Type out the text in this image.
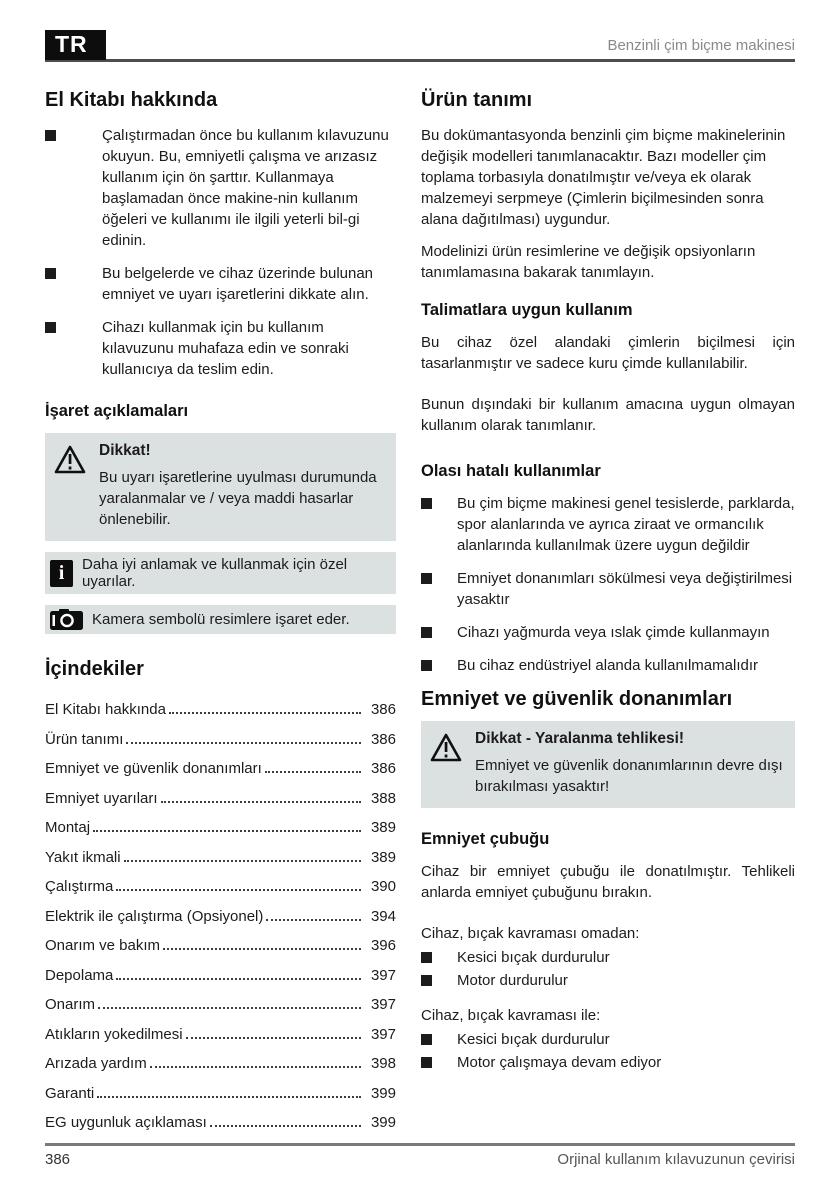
TR	Benzinli çim biçme makinesi
El Kitabı hakkında
Çalıştırmadan önce bu kullanım kılavuzunu okuyun. Bu, emniyetli çalışma ve arızasız kullanım için ön şarttır. Kullanmaya başlamadan önce makine-nin kullanım öğeleri ve kullanımı ile ilgili yeterli bil-gi edinin.
Bu belgelerde ve cihaz üzerinde bulunan emniyet ve uyarı işaretlerini dikkate alın.
Cihazı kullanmak için bu kullanım kılavuzunu muhafaza edin ve sonraki kullanıcıya da teslim edin.
İşaret açıklamaları
Dikkat!
Bu uyarı işaretlerine uyulması durumunda yaralanmalar ve / veya maddi hasarlar önlenebilir.
i	Daha iyi anlamak ve kullanmak için özel uyarılar.
Kamera sembolü resimlere işaret eder.
İçindekiler
El Kitabı hakkında	386
Ürün tanımı	386
Emniyet ve güvenlik donanımları	386
Emniyet uyarıları	388
Montaj	389
Yakıt ikmali	389
Çalıştırma	390
Elektrik ile çalıştırma (Opsiyonel)	394
Onarım ve bakım	396
Depolama	397
Onarım	397
Atıkların yokedilmesi	397
Arızada yardım	398
Garanti	399
EG uygunluk açıklaması	399
Ürün tanımı

Bu dokümantasyonda benzinli çim biçme makinelerinin değişik modelleri tanımlanacaktır. Bazı modeller çim toplama torbasıyla donatılmıştır ve/veya ek olarak malzemeyi serpmeye (Çimlerin biçilmesinden sonra alana dağıtılması) uygundur.

Modelinizi ürün resimlerine ve değişik opsiyonların tanımlamasına bakarak tanımlayın.

Talimatlara uygun kullanım

Bu cihaz özel alandaki çimlerin biçilmesi için tasarlanmıştır ve sadece kuru çimde kullanılabilir.

Bunun dışındaki bir kullanım amacına uygun olmayan kullanım olarak tanımlanır.

Olası hatalı kullanımlar
Bu çim biçme makinesi genel tesislerde, parklarda, spor alanlarında ve ayrıca ziraat ve ormancılık alanlarında kullanılmak üzere uygun değildir
Emniyet donanımları sökülmesi veya değiştirilmesi yasaktır
Cihazı yağmurda veya ıslak çimde kullanmayın
Bu cihaz endüstriyel alanda kullanılmamalıdır
Emniyet ve güvenlik donanımları
Dikkat - Yaralanma tehlikesi!
Emniyet ve güvenlik donanımlarının devre dışı bırakılması yasaktır!
Emniyet çubuğu

Cihaz bir emniyet çubuğu ile donatılmıştır. Tehlikeli anlarda emniyet çubuğunu bırakın.

Cihaz, bıçak kavraması omadan:
Kesici bıçak durdurulur
Motor durdurulur
Cihaz, bıçak kavraması ile:
Kesici bıçak durdurulur
Motor çalışmaya devam ediyor
386	Orjinal kullanım kılavuzunun çevirisi
